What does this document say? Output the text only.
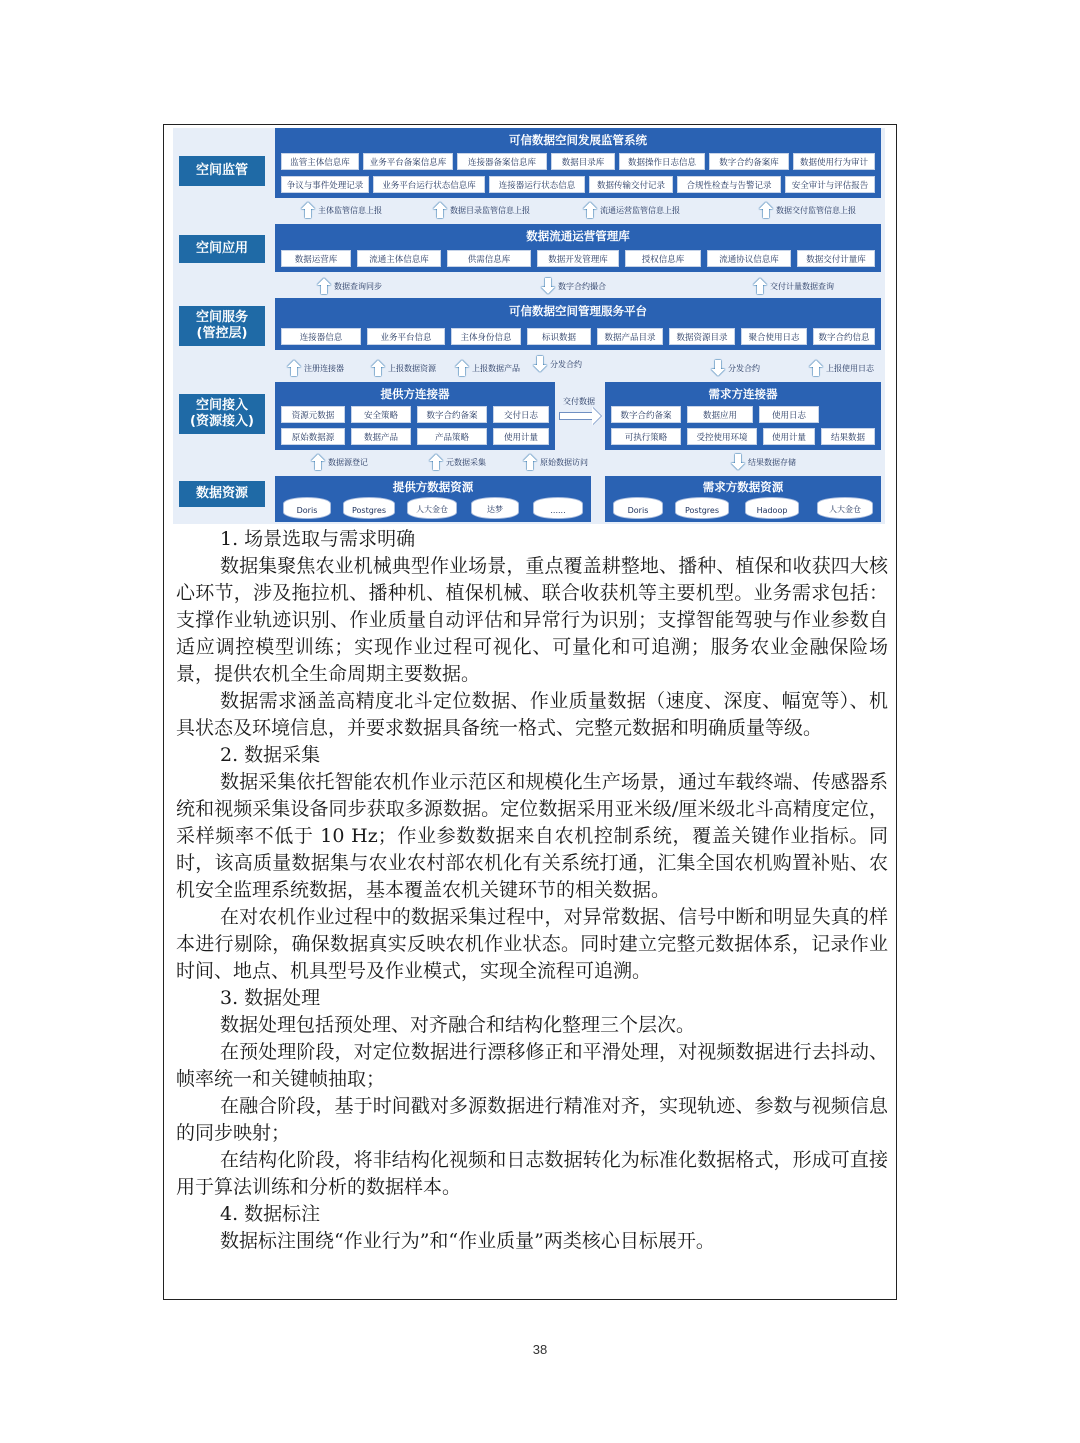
空间监管
空间应用
空间服务
(管控层)
空间接入
(资源接入)
数据资源
可信数据空间发展监管系统
监管主体信息库	业务平台备案信息库	连接器备案信息库	数据目录库	数据操作日志信息	数字合约备案库	数据使用行为审计
争议与事件处理记录	业务平台运行状态信息库	连接器运行状态信息	数据传输交付记录	合规性检查与告警记录	安全审计与评估报告
主体监管信息上报	数据目录监管信息上报	流通运营监管信息上报	数据交付监管信息上报
数据流通运营管理库
数据运营库	流通主体信息库	供需信息库	数据开发管理库	授权信息库	流通协议信息库	数据交付计量库
数据查询同步	数字合约撮合	交付计量数据查询
可信数据空间管理服务平台
连接器信息	业务平台信息	主体身份信息	标识数据	数据产品目录	数据资源目录	聚合使用日志	数字合约信息
注册连接器	上报数据资源	上报数据产品	分发合约	分发合约	上报使用日志
提供方连接器
资源元数据	安全策略	数字合约备案	交付日志
原始数据源	数据产品	产品策略	使用计量
交付数据
需求方连接器
数字合约备案	数据应用	使用日志
可执行策略	受控使用环境	使用计量	结果数据
数据源登记	元数据采集	原始数据访问	结果数据存储
提供方数据资源
Doris	Postgres	人大金仓	达梦	......
需求方数据资源
Doris	Postgres	Hadoop	人大金仓

1. 场景选取与需求明确

数据集聚焦农业机械典型作业场景，重点覆盖耕整地、播种、植保和收获四大核心环节，涉及拖拉机、播种机、植保机械、联合收获机等主要机型。业务需求包括：支撑作业轨迹识别、作业质量自动评估和异常行为识别；支撑智能驾驶与作业参数自适应调控模型训练；实现作业过程可视化、可量化和可追溯；服务农业金融保险场景，提供农机全生命周期主要数据。

数据需求涵盖高精度北斗定位数据、作业质量数据（速度、深度、幅宽等）、机具状态及环境信息，并要求数据具备统一格式、完整元数据和明确质量等级。

2. 数据采集

数据采集依托智能农机作业示范区和规模化生产场景，通过车载终端、传感器系统和视频采集设备同步获取多源数据。定位数据采用亚米级/厘米级北斗高精度定位，采样频率不低于 10 Hz；作业参数数据来自农机控制系统，覆盖关键作业指标。同时，该高质量数据集与农业农村部农机化有关系统打通，汇集全国农机购置补贴、农机安全监理系统数据，基本覆盖农机关键环节的相关数据。

在对农机作业过程中的数据采集过程中，对异常数据、信号中断和明显失真的样本进行剔除，确保数据真实反映农机作业状态。同时建立完整元数据体系，记录作业时间、地点、机具型号及作业模式，实现全流程可追溯。

3. 数据处理

数据处理包括预处理、对齐融合和结构化整理三个层次。

在预处理阶段，对定位数据进行漂移修正和平滑处理，对视频数据进行去抖动、帧率统一和关键帧抽取；

在融合阶段，基于时间戳对多源数据进行精准对齐，实现轨迹、参数与视频信息的同步映射；

在结构化阶段，将非结构化视频和日志数据转化为标准化数据格式，形成可直接用于算法训练和分析的数据样本。

4. 数据标注

数据标注围绕“作业行为”和“作业质量”两类核心目标展开。

38
